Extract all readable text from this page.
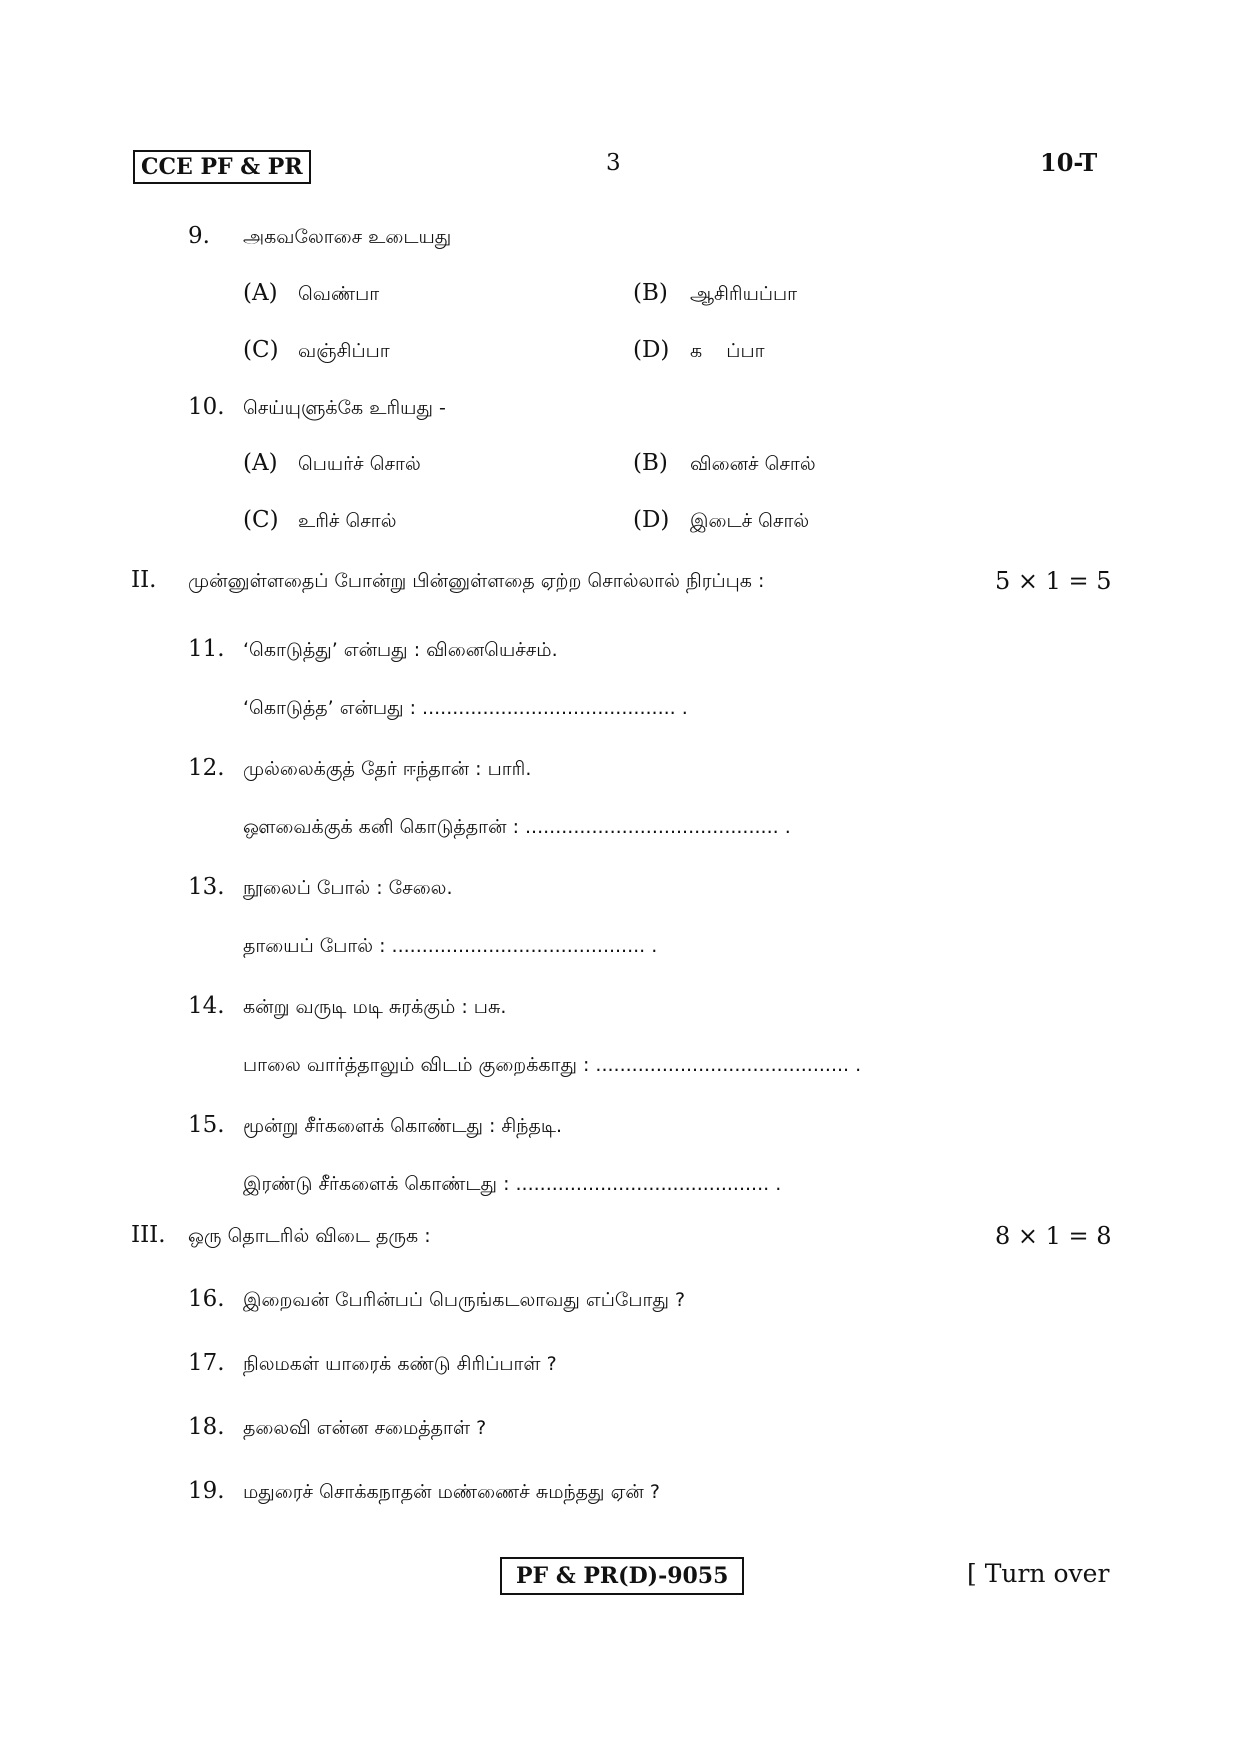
CCE PF & PR	3	10-T
9. அகவலோசை உடையது
(A) வெண்பா	(B) ஆசிரியப்பா
(C) வஞ்சிப்பா	(D) க    ப்பா
10. செய்யுளுக்கே உரியது -
(A) பெயர்ச் சொல்	(B) வினைச் சொல்
(C) உரிச் சொல்	(D) இடைச் சொல்
II. முன்னுள்ளதைப் போன்று பின்னுள்ளதை ஏற்ற சொல்லால் நிரப்புக :	5 × 1 = 5
11. ‘கொடுத்து’ என்பது : வினையெச்சம்.
‘கொடுத்த’ என்பது : .......................................... .
12. முல்லைக்குத் தேர் ஈந்தான் : பாரி.
ஔவைக்குக் கனி கொடுத்தான் : .......................................... .
13. நூலைப் போல் : சேலை.
தாயைப் போல் : .......................................... .
14. கன்று வருடி மடி சுரக்கும் : பசு.
பாலை வார்த்தாலும் விடம் குறைக்காது : .......................................... .
15. மூன்று சீர்களைக் கொண்டது : சிந்தடி.
இரண்டு சீர்களைக் கொண்டது : .......................................... .
III. ஒரு தொடரில் விடை தருக :	8 × 1 = 8
16. இறைவன் பேரின்பப் பெருங்கடலாவது எப்போது ?
17. நிலமகள் யாரைக் கண்டு சிரிப்பாள் ?
18. தலைவி என்ன சமைத்தாள் ?
19. மதுரைச் சொக்கநாதன் மண்ணைச் சுமந்தது ஏன் ?
PF & PR(D)-9055	[ Turn over
